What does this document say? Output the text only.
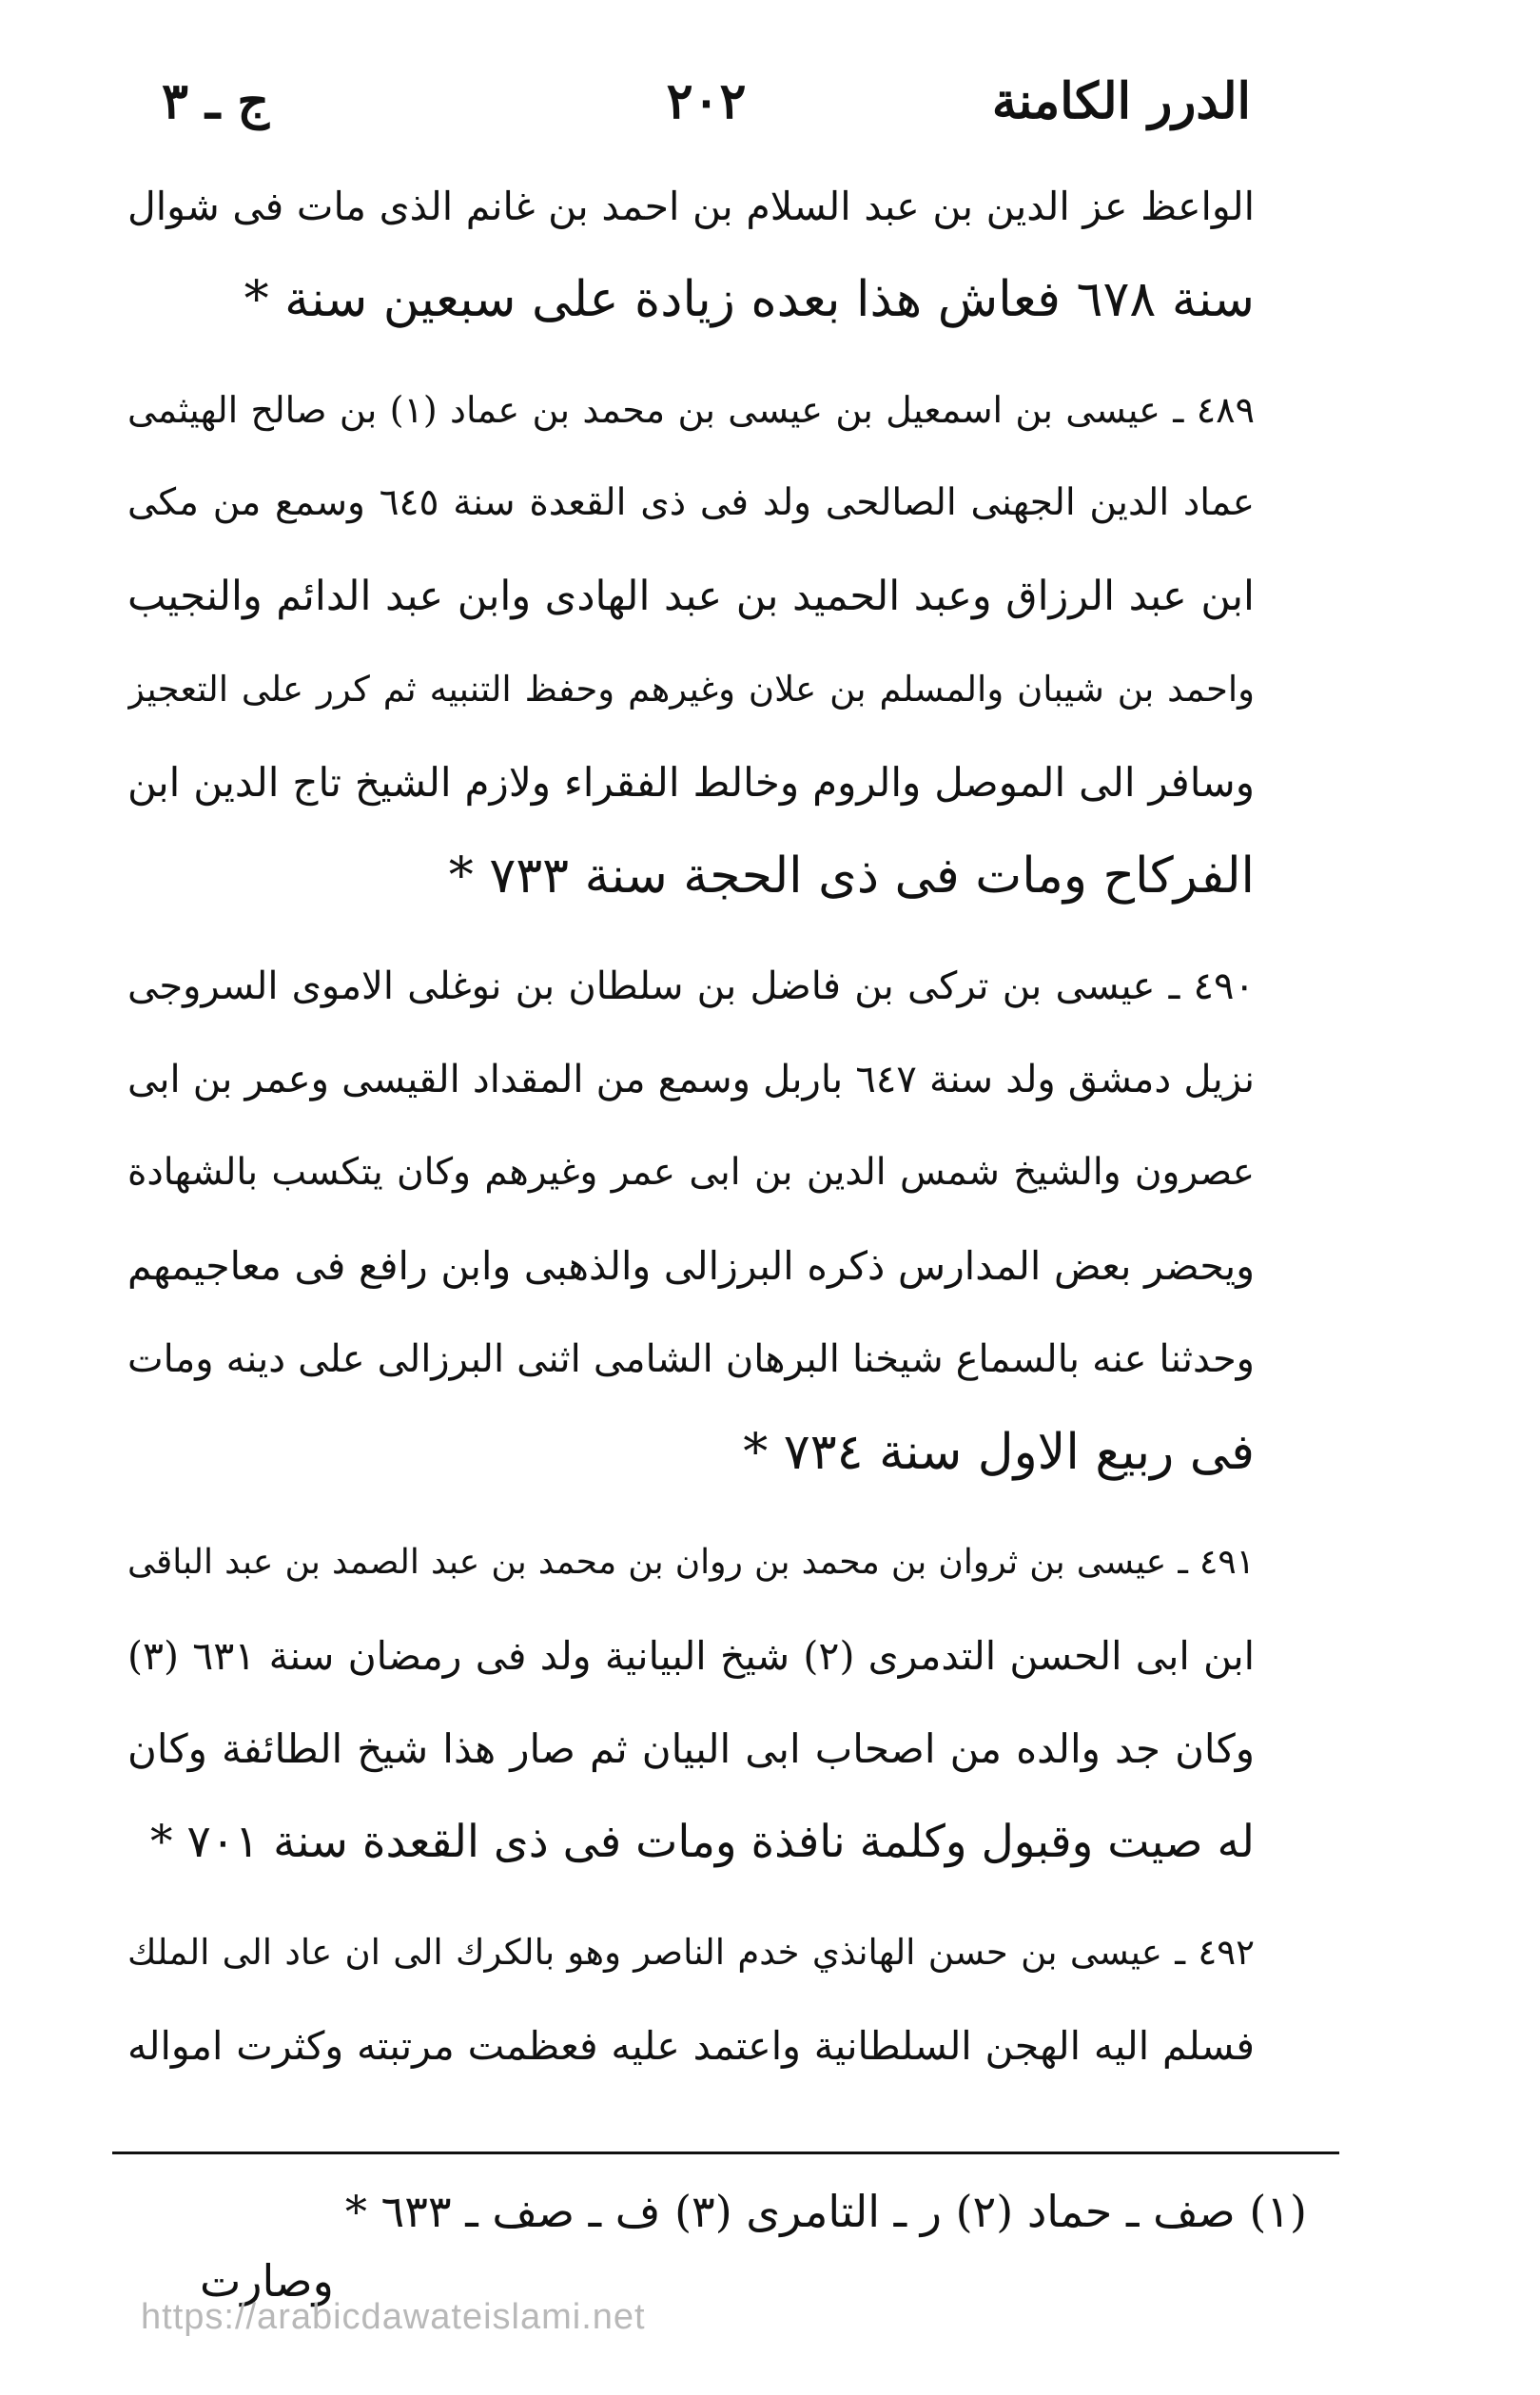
الدرر الكامنة
٢٠٢
ج ـ ٣
الواعظ عز الدين بن عبد السلام بن احمد بن غانم الذى مات فى شوال
سنة ٦٧٨ فعاش هذا بعده زيادة على سبعين سنة *
٤٨٩ ـ عيسى بن اسمعيل بن عيسى بن محمد بن عماد (١) بن صالح الهيثمى
عماد الدين الجهنى الصالحى ولد فى ذى القعدة سنة ٦٤٥ وسمع من مكى
ابن عبد الرزاق وعبد الحميد بن عبد الهادى وابن عبد الدائم والنجيب
واحمد بن شيبان والمسلم بن علان وغيرهم وحفظ التنبيه ثم كرر على التعجيز
وسافر الى الموصل والروم وخالط الفقراء ولازم الشيخ تاج الدين ابن
الفركاح ومات فى ذى الحجة سنة ٧٣٣ *
٤٩٠ ـ عيسى بن تركى بن فاضل بن سلطان بن نوغلى الاموى السروجى
نزيل دمشق ولد سنة ٦٤٧ باربل وسمع من المقداد القيسى وعمر بن ابى
عصرون والشيخ شمس الدين بن ابى عمر وغيرهم وكان يتكسب بالشهادة
ويحضر بعض المدارس ذكره البرزالى والذهبى وابن رافع فى معاجيمهم
وحدثنا عنه بالسماع شيخنا البرهان الشامى اثنى البرزالى على دينه ومات
فى ربيع الاول سنة ٧٣٤ *
٤٩١ ـ عيسى بن ثروان بن محمد بن روان بن محمد بن عبد الصمد بن عبد الباقى
ابن ابى الحسن التدمرى (٢) شيخ البيانية ولد فى رمضان سنة ٦٣١ (٣)
وكان جد والده من اصحاب ابى البيان ثم صار هذا شيخ الطائفة وكان
له صيت وقبول وكلمة نافذة ومات فى ذى القعدة سنة ٧٠١ *
٤٩٢ ـ عيسى بن حسن الهانذي خدم الناصر وهو بالكرك الى ان عاد الى الملك
فسلم اليه الهجن السلطانية واعتمد عليه فعظمت مرتبته وكثرت امواله
(١) صف ـ حماد (٢) ر ـ التامرى (٣) ف ـ صف ـ ٦٣٣ *
وصارت
https://arabicdawateislami.net
